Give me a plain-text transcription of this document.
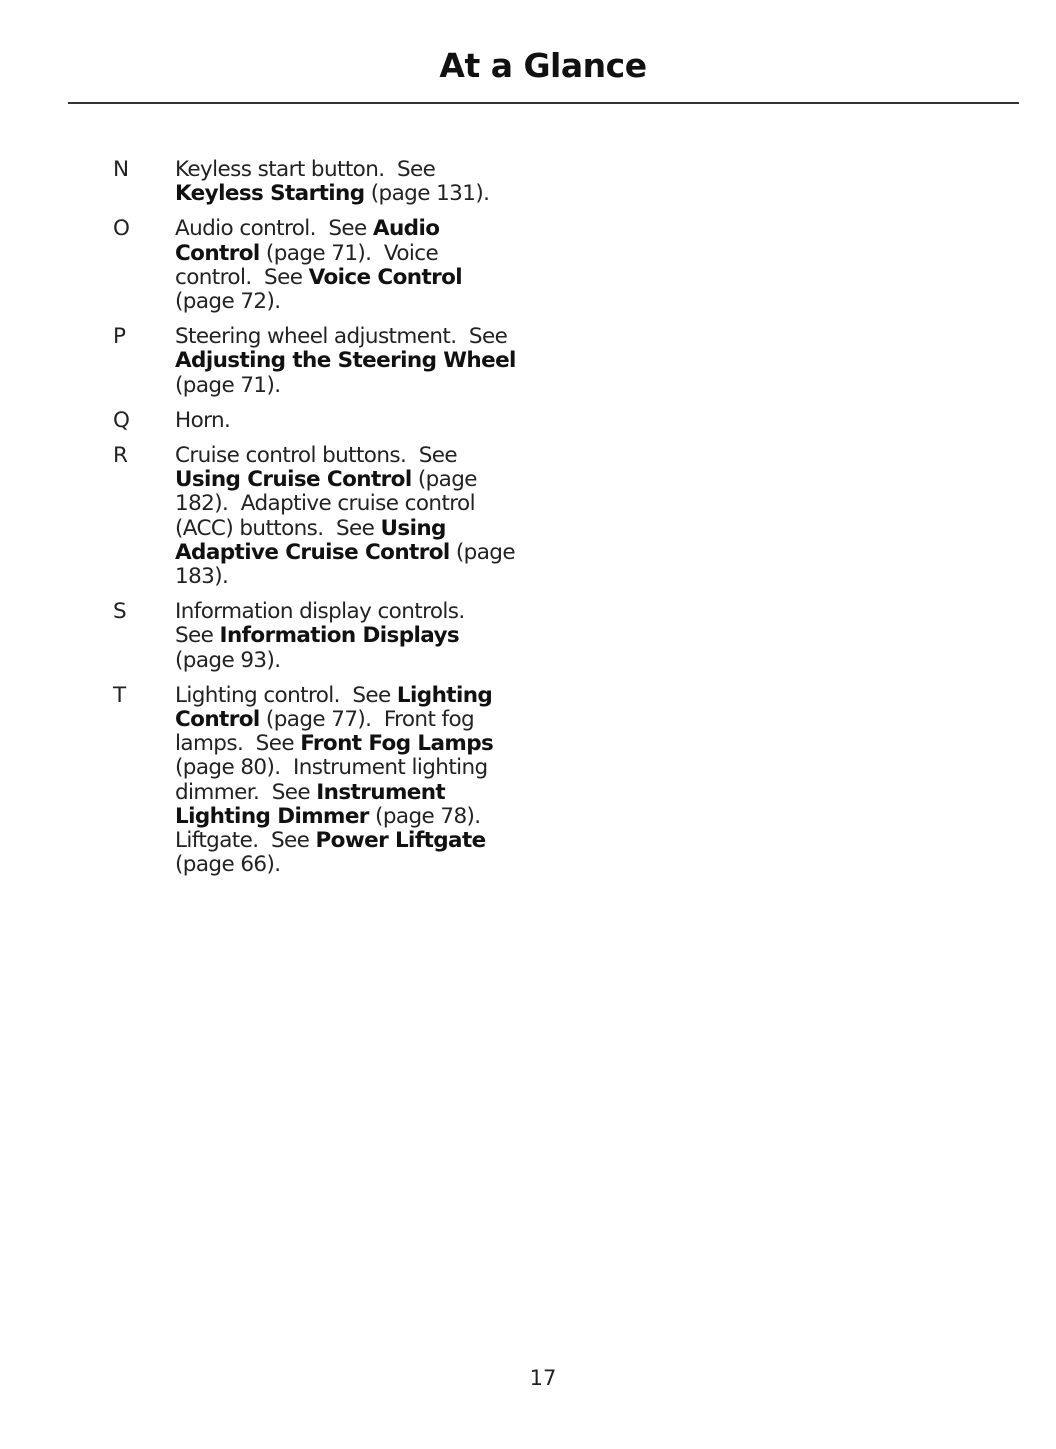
At a Glance
N	Keyless start button.  See
Keyless Starting (page 131).
O	Audio control.  See Audio
Control (page 71).  Voice
control.  See Voice Control
(page 72).
P	Steering wheel adjustment.  See
Adjusting the Steering Wheel
(page 71).
Q	Horn.
R	Cruise control buttons.  See
Using Cruise Control (page
182).  Adaptive cruise control
(ACC) buttons.  See Using
Adaptive Cruise Control (page
183).
S	Information display controls.
See Information Displays
(page 93).
T	Lighting control.  See Lighting
Control (page 77).  Front fog
lamps.  See Front Fog Lamps
(page 80).  Instrument lighting
dimmer.  See Instrument
Lighting Dimmer (page 78).
Liftgate.  See Power Liftgate
(page 66).
17
